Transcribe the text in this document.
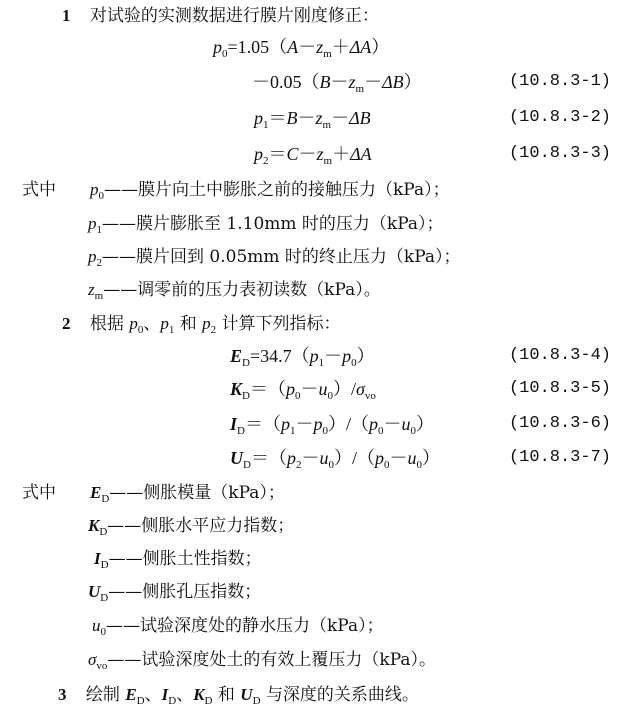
1 对试验的实测数据进行膜片刚度修正：
$p_0=1.05(A-z_m+\Delta A)$
$-0.05(B-z_m-\Delta B)$	(10.8.3-1)
$p_1=B-z_m-\Delta B$	(10.8.3-2)
$p_2=C-z_m+\Delta A$	(10.8.3-3)
式中 $p_0——$膜片向土中膨胀之前的接触压力（kPa）；
$p_1——$膜片膨胀至 1.10mm 时的压力（kPa）；
$p_2——$膜片回到 0.05mm 时的终止压力（kPa）；
$z_m——$调零前的压力表初读数（kPa）。
2 根据 $p_0$、$p_1$ 和 $p_2$ 计算下列指标：
$E_D=34.7(p_1-p_0)$	(10.8.3-4)
$K_D=(p_0-u_0)/\sigma_{vo}$	(10.8.3-5)
$I_D=(p_1-p_0)/(p_0-u_0)$	(10.8.3-6)
$U_D=(p_2-u_0)/(p_0-u_0)$	(10.8.3-7)
式中 $E_D——$侧胀模量（kPa）；
$K_D——$侧胀水平应力指数；
$I_D——$侧胀土性指数；
$U_D——$侧胀孔压指数；
$u_0——$试验深度处的静水压力（kPa）；
$\sigma_{vo}——$试验深度处土的有效上覆压力（kPa）。
3 绘制 $E_D$、$I_D$、$K_D$ 和 $U_D$ 与深度的关系曲线。
